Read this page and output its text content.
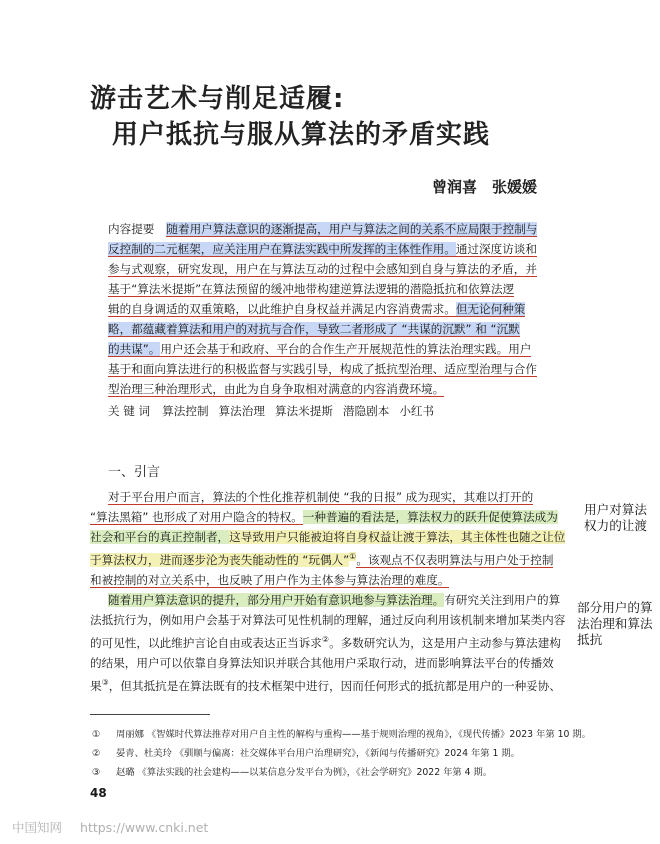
游击艺术与削足适履:
用户抵抗与服从算法的矛盾实践
曾润喜　张媛媛
内容提要 随着用户算法意识的逐渐提高，用户与算法之间的关系不应局限于控制与
反控制的二元框架，应关注用户在算法实践中所发挥的主体性作用。通过深度访谈和
参与式观察，研究发现，用户在与算法互动的过程中会感知到自身与算法的矛盾，并
基于“算法米提斯”在算法预留的缓冲地带构建逆算法逻辑的潜隐抵抗和依算法逻
辑的自身调适的双重策略，以此维护自身权益并满足内容消费需求。但无论何种策
略，都蕴藏着算法和用户的对抗与合作，导致二者形成了 “共谋的沉默” 和 “沉默
的共谋”。用户还会基于和政府、平台的合作生产开展规范性的算法治理实践。用户
基于和面向算法进行的积极监督与实践引导，构成了抵抗型治理、适应型治理与合作
型治理三种治理形式，由此为自身争取相对满意的内容消费环境。
关 键 词 算法控制 算法治理 算法米提斯 潜隐剧本 小红书
一、引言
对于平台用户而言，算法的个性化推荐机制使 “我的日报” 成为现实，其难以打开的
“算法黑箱” 也形成了对用户隐含的特权。一种普遍的看法是，算法权力的跃升促使算法成为
社会和平台的真正控制者，这导致用户只能被迫将自身权益让渡于算法，其主体性也随之让位
于算法权力，进而逐步沦为丧失能动性的 “玩偶人”①。该观点不仅表明算法与用户处于控制
和被控制的对立关系中，也反映了用户作为主体参与算法治理的难度。
随着用户算法意识的提升，部分用户开始有意识地参与算法治理。有研究关注到用户的算
法抵抗行为，例如用户会基于对算法可见性机制的理解，通过反向利用该机制来增加某类内容
的可见性，以此维护言论自由或表达正当诉求②。多数研究认为，这是用户主动参与算法建构
的结果，用户可以依靠自身算法知识并联合其他用户采取行动，进而影响算法平台的传播效
果③，但其抵抗是在算法既有的技术框架中进行，因而任何形式的抵抗都是用户的一种妥协、
用户对算法权力的让渡
部分用户的算法治理和算法抵抗
① 周丽娜 《智媒时代算法推荐对用户自主性的解构与重构——基于规则治理的视角》，《现代传播》2023 年第 10 期。
② 晏青、杜美玲 《驯顺与偏离：社交媒体平台用户治理研究》，《新闻与传播研究》2024 年第 1 期。
③ 赵璐 《算法实践的社会建构——以某信息分发平台为例》，《社会学研究》2022 年第 4 期。
48
中国知网 https://www.cnki.net
